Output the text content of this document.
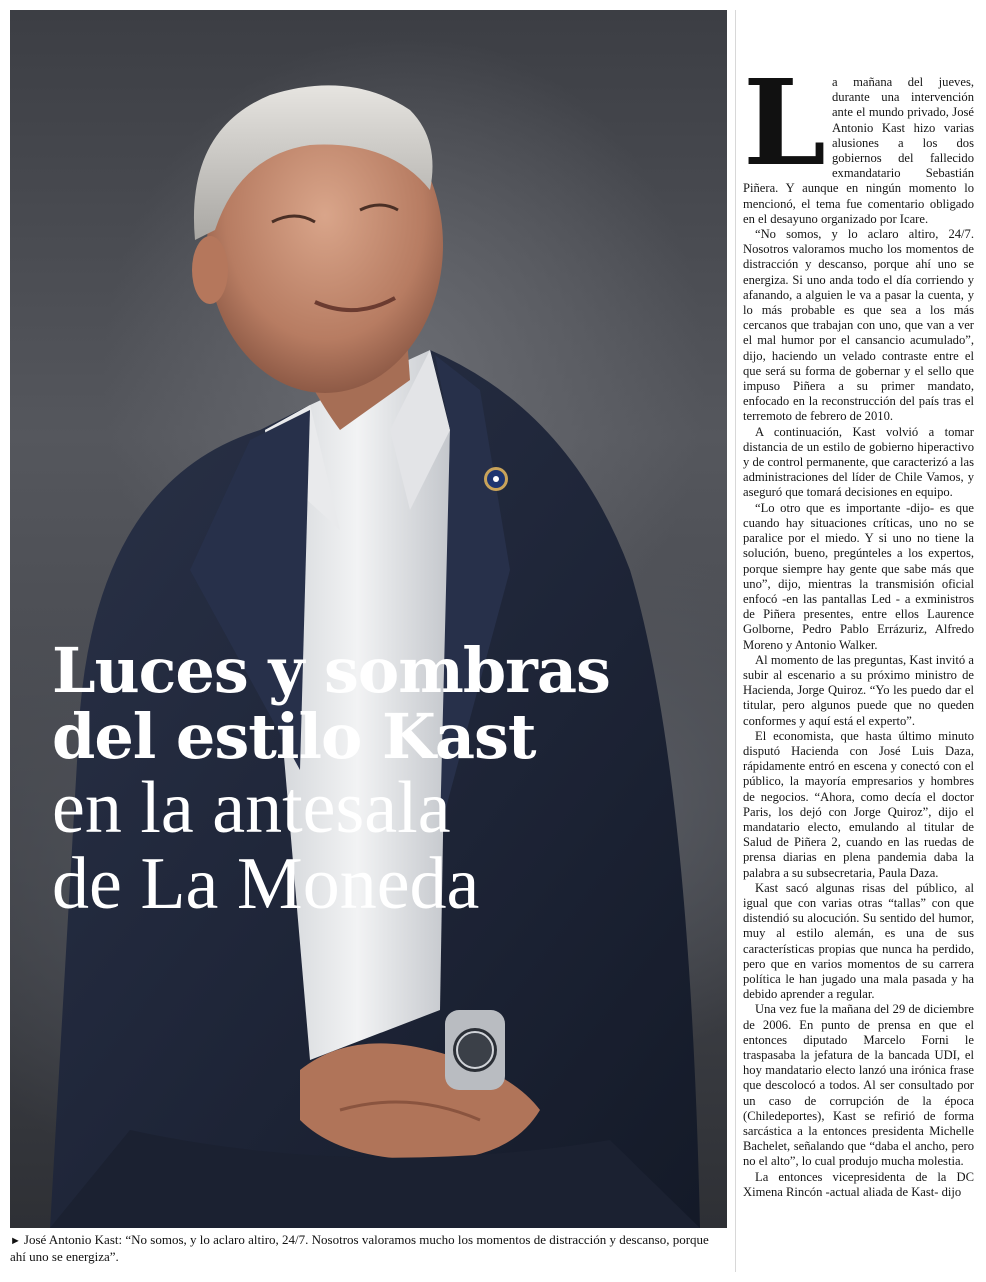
Luces y sombras
del estilo Kast
en la antesala
de La Moneda
► José Antonio Kast: “No somos, y lo aclaro altiro, 24/7. Nosotros valoramos mucho los momentos de distracción y descanso, porque ahí uno se energiza”.

La mañana del jueves, durante una intervención ante el mundo privado, José Antonio Kast hizo varias alusiones a los dos gobiernos del fallecido exmandatario Sebastián Piñera. Y aunque en ningún momento lo mencionó, el tema fue comentario obligado en el desayuno organizado por Icare.

“No somos, y lo aclaro altiro, 24/7. Nosotros valoramos mucho los momentos de distracción y descanso, porque ahí uno se energiza. Si uno anda todo el día corriendo y afanando, a alguien le va a pasar la cuenta, y lo más probable es que sea a los más cercanos que trabajan con uno, que van a ver el mal humor por el cansancio acumulado”, dijo, haciendo un velado contraste entre el que será su forma de gobernar y el sello que impuso Piñera a su primer mandato, enfocado en la reconstrucción del país tras el terremoto de febrero de 2010.

A continuación, Kast volvió a tomar distancia de un estilo de gobierno hiperactivo y de control permanente, que caracterizó a las administraciones del líder de Chile Vamos, y aseguró que tomará decisiones en equipo.

“Lo otro que es importante -dijo- es que cuando hay situaciones críticas, uno no se paralice por el miedo. Y si uno no tiene la solución, bueno, pregúnteles a los expertos, porque siempre hay gente que sabe más que uno”, dijo, mientras la transmisión oficial enfocó -en las pantallas Led - a exministros de Piñera presentes, entre ellos Laurence Golborne, Pedro Pablo Errázuriz, Alfredo Moreno y Antonio Walker.

Al momento de las preguntas, Kast invitó a subir al escenario a su próximo ministro de Hacienda, Jorge Quiroz. “Yo les puedo dar el titular, pero algunos puede que no queden conformes y aquí está el experto”.

El economista, que hasta último minuto disputó Hacienda con José Luis Daza, rápidamente entró en escena y conectó con el público, la mayoría empresarios y hombres de negocios. “Ahora, como decía el doctor Paris, los dejó con Jorge Quiroz”, dijo el mandatario electo, emulando al titular de Salud de Piñera 2, cuando en las ruedas de prensa diarias en plena pandemia daba la palabra a su subsecretaria, Paula Daza.

Kast sacó algunas risas del público, al igual que con varias otras “tallas” con que distendió su alocución. Su sentido del humor, muy al estilo alemán, es una de sus características propias que nunca ha perdido, pero que en varios momentos de su carrera política le han jugado una mala pasada y ha debido aprender a regular.

Una vez fue la mañana del 29 de diciembre de 2006. En punto de prensa en que el entonces diputado Marcelo Forni le traspasaba la jefatura de la bancada UDI, el hoy mandatario electo lanzó una irónica frase que descolocó a todos. Al ser consultado por un caso de corrupción de la época (Chiledeportes), Kast se refirió de forma sarcástica a la entonces presidenta Michelle Bachelet, señalando que “daba el ancho, pero no el alto”, lo cual produjo mucha molestia.

La entonces vicepresidenta de la DC Ximena Rincón -actual aliada de Kast- dijo
